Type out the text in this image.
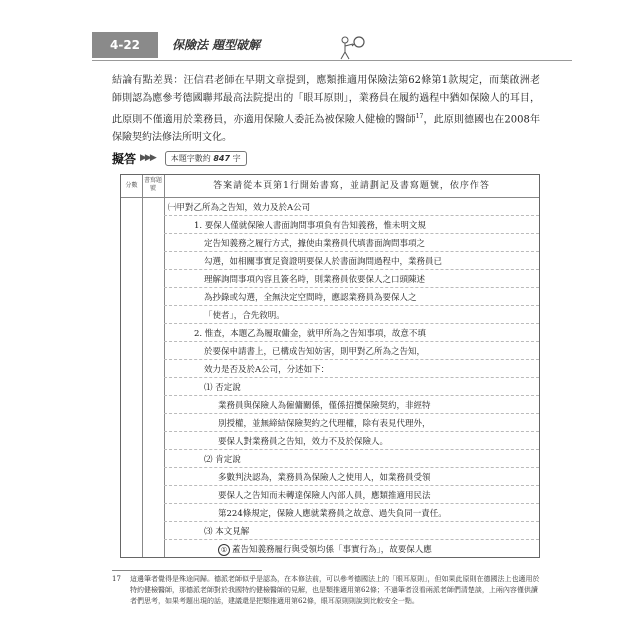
4-22	保險法 題型破解
結論有點差異：汪信君老師在早期文章提到，應類推適用保險法第62條第1款規定，而葉啟洲老師則認為應參考德國聯邦最高法院提出的「眼耳原則」，業務員在履約過程中猶如保險人的耳目，此原則不僅適用於業務員，亦適用保險人委託為被保險人健檢的醫師$^{17}$，此原則德國也在2008年保險契約法修法所明文化。
擬答 ▶▶▶	本題字數約 847 字
分數
書寫題號	答案請從本頁第1行開始書寫，並請劃記及書寫題號，依序作答
㈠甲對乙所為之告知，效力及於A公司
1. 要保人僅就保險人書面詢問事項負有告知義務，惟未明文規
定告知義務之履行方式，據使由業務員代填書面詢問事項之
勾選，如相關事實足資證明要保人於書面詢問過程中，業務員已
理解詢問事項內容且簽名時，則業務員依要保人之口頭陳述
為抄錄或勾選，全無決定空間時，應認業務員為要保人之
「使者」，合先敘明。
2. 惟查，本題乙為履取傭金，就甲所為之告知事項，故意不填
於要保申請書上，已構成告知妨害，則甲對乙所為之告知，
效力是否及於A公司，分述如下：
⑴ 否定說
業務員與保險人為僱傭關係，僅係招攬保險契約，非經特
別授權，並無締結保險契約之代理權，除有表見代理外，
要保人對業務員之告知，效力不及於保險人。
⑵ 肯定說
多數判決認為，業務員為保險人之使用人，如業務員受領
要保人之告知而未轉達保險人內部人員，應類推適用民法
第224條規定，保險人應就業務員之故意、過失負同一責任。
⑶ 本文見解
① 蓋告知義務履行與受領均係「事實行為」，故要保人應
17 這邊筆者覺得是殊途同歸。德派老師似乎是認為，在本修法前，可以參考德國法上的「眼耳原則」，但如果此原則在德國法上也適用於特約健檢醫師，那德派老師對於我國特約健檢醫師的見解，也是類推適用第62條；不過筆者沒看兩派老師們清楚談，上兩內容僅供讀者們思考，如果考題出現的話，建議還是把類推適用第62條，眼耳原則則說到比較安全一點。
